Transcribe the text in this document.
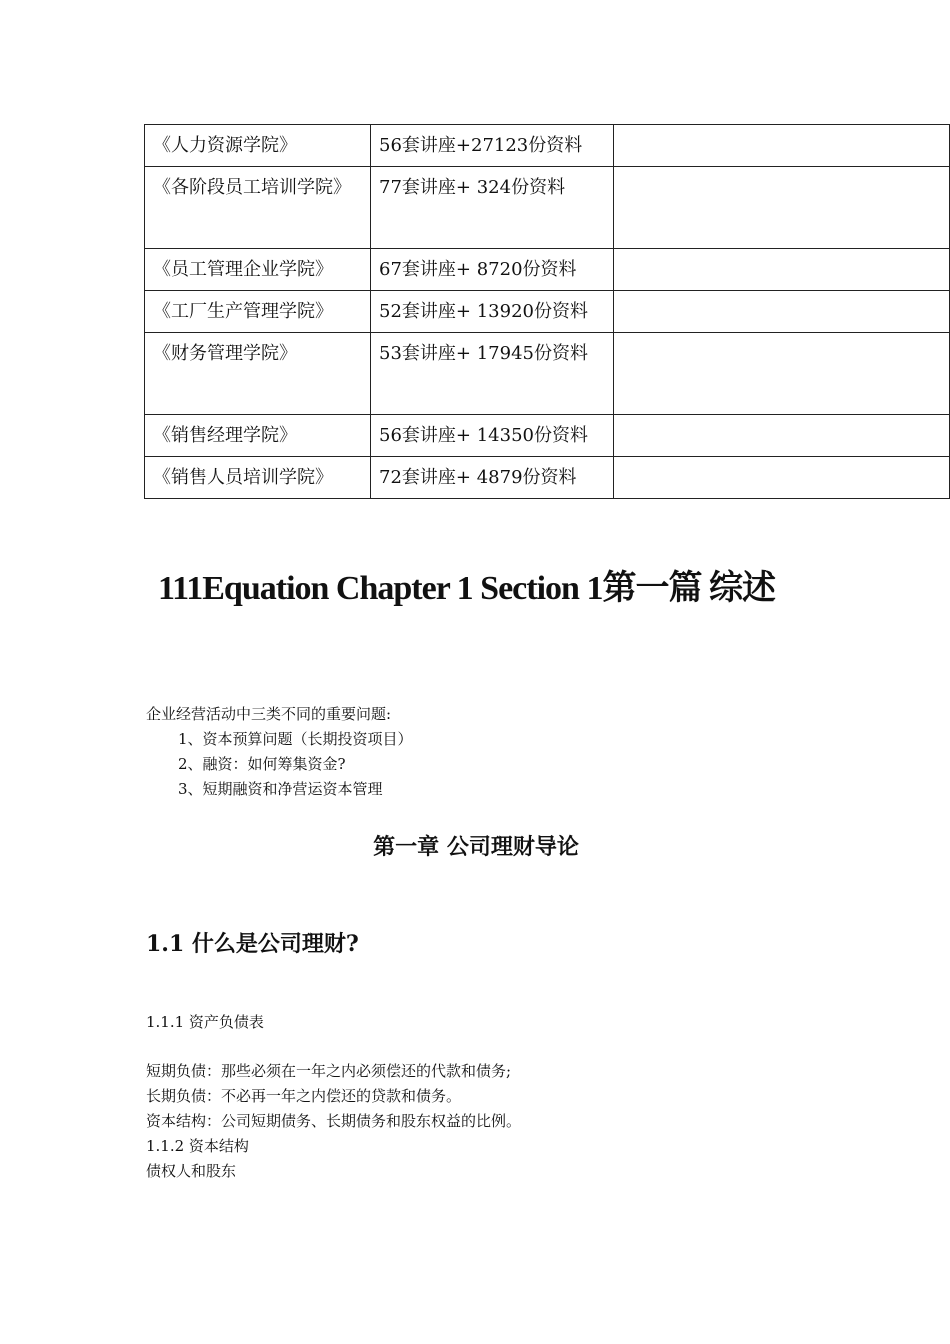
《人力资源学院》	56套讲座+27123份资料	
《各阶段员工培训学院》	77套讲座+ 324份资料	
《员工管理企业学院》	67套讲座+ 8720份资料	
《工厂生产管理学院》	52套讲座+ 13920份资料	
《财务管理学院》	53套讲座+ 17945份资料	
《销售经理学院》	56套讲座+ 14350份资料	
《销售人员培训学院》	72套讲座+ 4879份资料	
111Equation Chapter 1 Section 1第一篇 综述
企业经营活动中三类不同的重要问题:
1、资本预算问题（长期投资项目）
2、融资：如何筹集资金?
3、短期融资和净营运资本管理
第一章 公司理财导论
1.1 什么是公司理财?
1.1.1 资产负债表
短期负债：那些必须在一年之内必须偿还的代款和债务;
长期负债：不必再一年之内偿还的贷款和债务。
资本结构：公司短期债务、长期债务和股东权益的比例。
1.1.2 资本结构
债权人和股东
